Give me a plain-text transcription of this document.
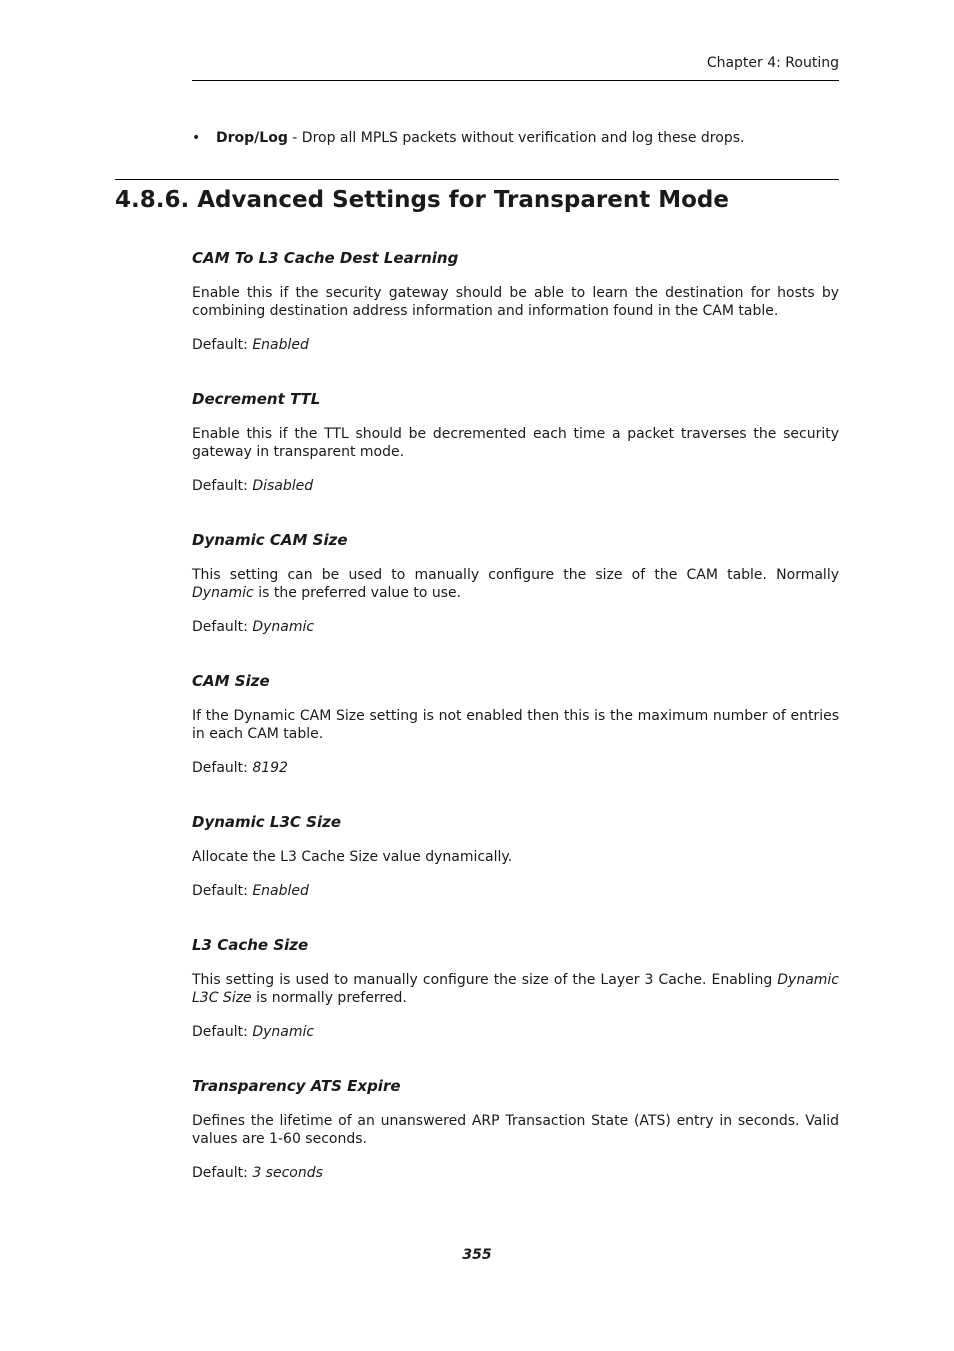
Chapter 4: Routing
• Drop/Log - Drop all MPLS packets without verification and log these drops.
4.8.6. Advanced Settings for Transparent Mode
CAM To L3 Cache Dest Learning

Enable this if the security gateway should be able to learn the destination for hosts by combining destination address information and information found in the CAM table.

Default: Enabled

Decrement TTL

Enable this if the TTL should be decremented each time a packet traverses the security gateway in transparent mode.

Default: Disabled

Dynamic CAM Size

This setting can be used to manually configure the size of the CAM table. Normally Dynamic is the preferred value to use.

Default: Dynamic

CAM Size

If the Dynamic CAM Size setting is not enabled then this is the maximum number of entries in each CAM table.

Default: 8192

Dynamic L3C Size

Allocate the L3 Cache Size value dynamically.

Default: Enabled

L3 Cache Size

This setting is used to manually configure the size of the Layer 3 Cache. Enabling Dynamic L3C Size is normally preferred.

Default: Dynamic

Transparency ATS Expire

Defines the lifetime of an unanswered ARP Transaction State (ATS) entry in seconds. Valid values are 1-60 seconds.

Default: 3 seconds

355
